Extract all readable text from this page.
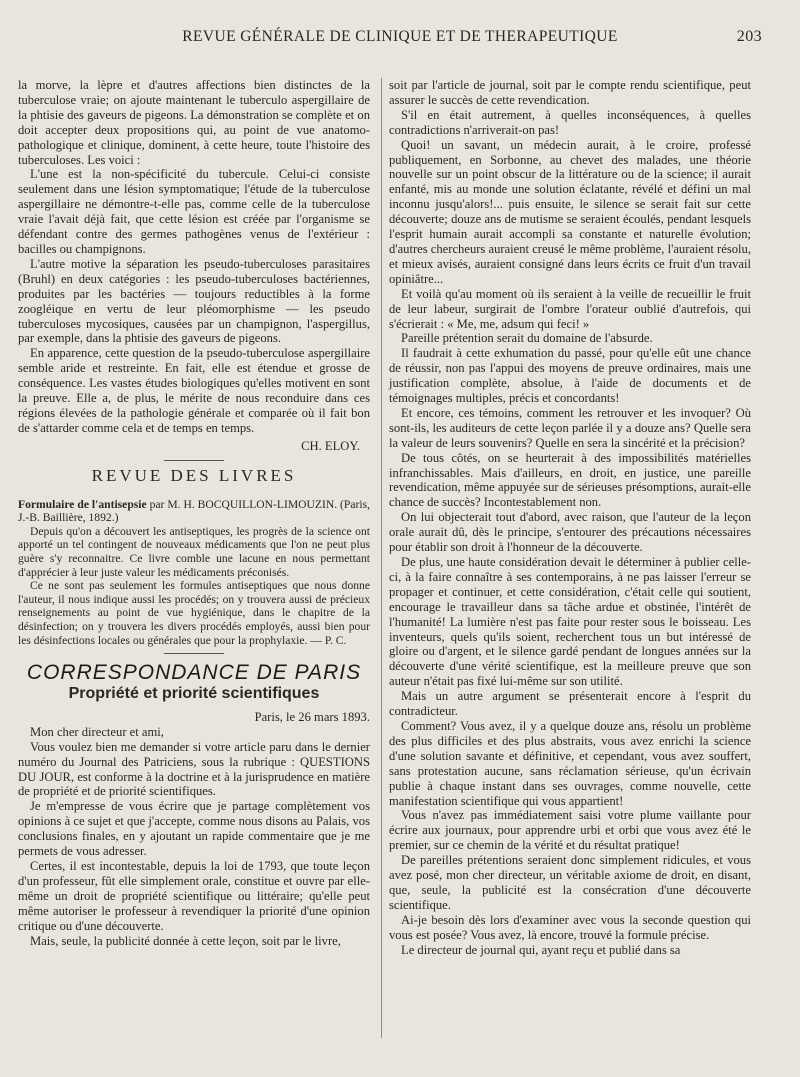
REVUE GÉNÉRALE DE CLINIQUE ET DE THERAPEUTIQUE	203

la morve, la lèpre et d'autres affections bien distinctes de la tuberculose vraie; on ajoute maintenant le tuberculo aspergillaire de la phtisie des gaveurs de pigeons. La démonstration se complète et on doit accepter deux propositions qui, au point de vue anatomo-pathologique et clinique, dominent, à cette heure, toute l'histoire des tuberculoses. Les voici :

L'une est la non-spécificité du tubercule. Celui-ci consiste seulement dans une lésion symptomatique; l'étude de la tuberculose aspergillaire ne démontre-t-elle pas, comme celle de la tuberculose vraie l'avait déjà fait, que cette lésion est créée par l'organisme se défendant contre des germes pathogènes venus de l'extérieur : bacilles ou champignons.

L'autre motive la séparation les pseudo-tuberculoses parasitaires (Bruhl) en deux catégories : les pseudo-tuberculoses bactériennes, produites par les bactéries — toujours reductibles à la forme zoogléique en vertu de leur pléomorphisme — les pseudo tuberculoses mycosiques, causées par un champignon, l'aspergillus, par exemple, dans la phtisie des gaveurs de pigeons.

En apparence, cette question de la pseudo-tuberculose aspergillaire semble aride et restreinte. En fait, elle est étendue et grosse de conséquence. Les vastes études biologiques qu'elles motivent en sont la preuve. Elle a, de plus, le mérite de nous reconduire dans ces régions élevées de la pathologie générale et comparée où il fait bon de s'attarder comme cela et de temps en temps.

CH. ELOY.

REVUE DES LIVRES

Formulaire de l'antisepsie par M. H. BOCQUILLON-LIMOUZIN. (Paris, J.-B. Baillière, 1892.)

Depuis qu'on a découvert les antiseptiques, les progrès de la science ont apporté un tel contingent de nouveaux médicaments que l'on ne peut plus guère s'y reconnaitre. Ce livre comble une lacune en nous permettant d'apprécier à leur juste valeur les médicaments préconisés.

Ce ne sont pas seulement les formules antiseptiques que nous donne l'auteur, il nous indique aussi les procédés; on y trouvera aussi de précieux renseignements au point de vue hygiénique, dans le chapitre de la désinfection; on y trouvera les divers procédés employés, aussi bien pour les désinfections locales ou générales que pour la prophylaxie. — P. C.

CORRESPONDANCE DE PARIS
Propriété et priorité scientifiques

Paris, le 26 mars 1893.

Mon cher directeur et ami,

Vous voulez bien me demander si votre article paru dans le dernier numéro du Journal des Patriciens, sous la rubrique : QUESTIONS DU JOUR, est conforme à la doctrine et à la jurisprudence en matière de propriété et de priorité scientifiques.

Je m'empresse de vous écrire que je partage complètement vos opinions à ce sujet et que j'accepte, comme nous disons au Palais, vos conclusions finales, en y ajoutant un rapide commentaire que je me permets de vous adresser.

Certes, il est incontestable, depuis la loi de 1793, que toute leçon d'un professeur, fût elle simplement orale, constitue et ouvre par elle-même un droit de propriété scientifique ou littéraire; qu'elle peut même autoriser le professeur à revendiquer la priorité d'une opinion critique ou d'une découverte.

Mais, seule, la publicité donnée à cette leçon, soit par le livre,

soit par l'article de journal, soit par le compte rendu scientifique, peut assurer le succès de cette revendication.

S'il en était autrement, à quelles inconséquences, à quelles contradictions n'arriverait-on pas!

Quoi! un savant, un médecin aurait, à le croire, professé publiquement, en Sorbonne, au chevet des malades, une théorie nouvelle sur un point obscur de la littérature ou de la science; il aurait enfanté, mis au monde une solution éclatante, révélé et défini un mal inconnu jusqu'alors!... puis ensuite, le silence se serait fait sur cette découverte; douze ans de mutisme se seraient écoulés, pendant lesquels l'esprit humain aurait accompli sa constante et naturelle évolution; d'autres chercheurs auraient creusé le même problème, l'auraient résolu, et mieux avisés, auraient consigné dans leurs écrits ce fruit d'un travail opiniâtre...

Et voilà qu'au moment où ils seraient à la veille de recueillir le fruit de leur labeur, surgirait de l'ombre l'orateur oublié d'autrefois, qui s'écrierait : « Me, me, adsum qui feci! »

Pareille prétention serait du domaine de l'absurde.

Il faudrait à cette exhumation du passé, pour qu'elle eût une chance de réussir, non pas l'appui des moyens de preuve ordinaires, mais une justification complète, absolue, à l'aide de documents et de témoignages multiples, précis et concordants!

Et encore, ces témoins, comment les retrouver et les invoquer? Où sont-ils, les auditeurs de cette leçon parlée il y a douze ans? Quelle sera la valeur de leurs souvenirs? Quelle en sera la sincérité et la précision?

De tous côtés, on se heurterait à des impossibilités matérielles infranchissables. Mais d'ailleurs, en droit, en justice, une pareille revendication, même appuyée sur de sérieuses présomptions, aurait-elle chance de succès? Incontestablement non.

On lui objecterait tout d'abord, avec raison, que l'auteur de la leçon orale aurait dû, dès le principe, s'entourer des précautions nécessaires pour établir son droit à l'honneur de la découverte.

De plus, une haute considération devait le déterminer à publier celle-ci, à la faire connaître à ses contemporains, à ne pas laisser l'erreur se propager et continuer, et cette considération, c'était celle qui soutient, encourage le travailleur dans sa tâche ardue et obstinée, l'intérêt de l'humanité! La lumière n'est pas faite pour rester sous le boisseau. Les inventeurs, quels qu'ils soient, recherchent tous un but intéressé de gloire ou d'argent, et le silence gardé pendant de longues années sur la découverte d'une vérité scientifique, est la meilleure preuve que son auteur n'était pas fixé lui-même sur son utilité.

Mais un autre argument se présenterait encore à l'esprit du contradicteur.

Comment? Vous avez, il y a quelque douze ans, résolu un problème des plus difficiles et des plus abstraits, vous avez enrichi la science d'une solution savante et définitive, et cependant, vous avez souffert, sans protestation aucune, sans réclamation sérieuse, qu'un écrivain publie à chaque instant dans ses ouvrages, comme nouvelle, cette manifestation scientifique qui vous appartient!

Vous n'avez pas immédiatement saisi votre plume vaillante pour écrire aux journaux, pour apprendre urbi et orbi que vous avez été le premier, sur ce chemin de la vérité et du résultat pratique!

De pareilles prétentions seraient donc simplement ridicules, et vous avez posé, mon cher directeur, un véritable axiome de droit, en disant, que, seule, la publicité est la consécration d'une découverte scientifique.

Ai-je besoin dès lors d'examiner avec vous la seconde question qui vous est posée? Vous avez, là encore, trouvé la formule précise.

Le directeur de journal qui, ayant reçu et publié dans sa
